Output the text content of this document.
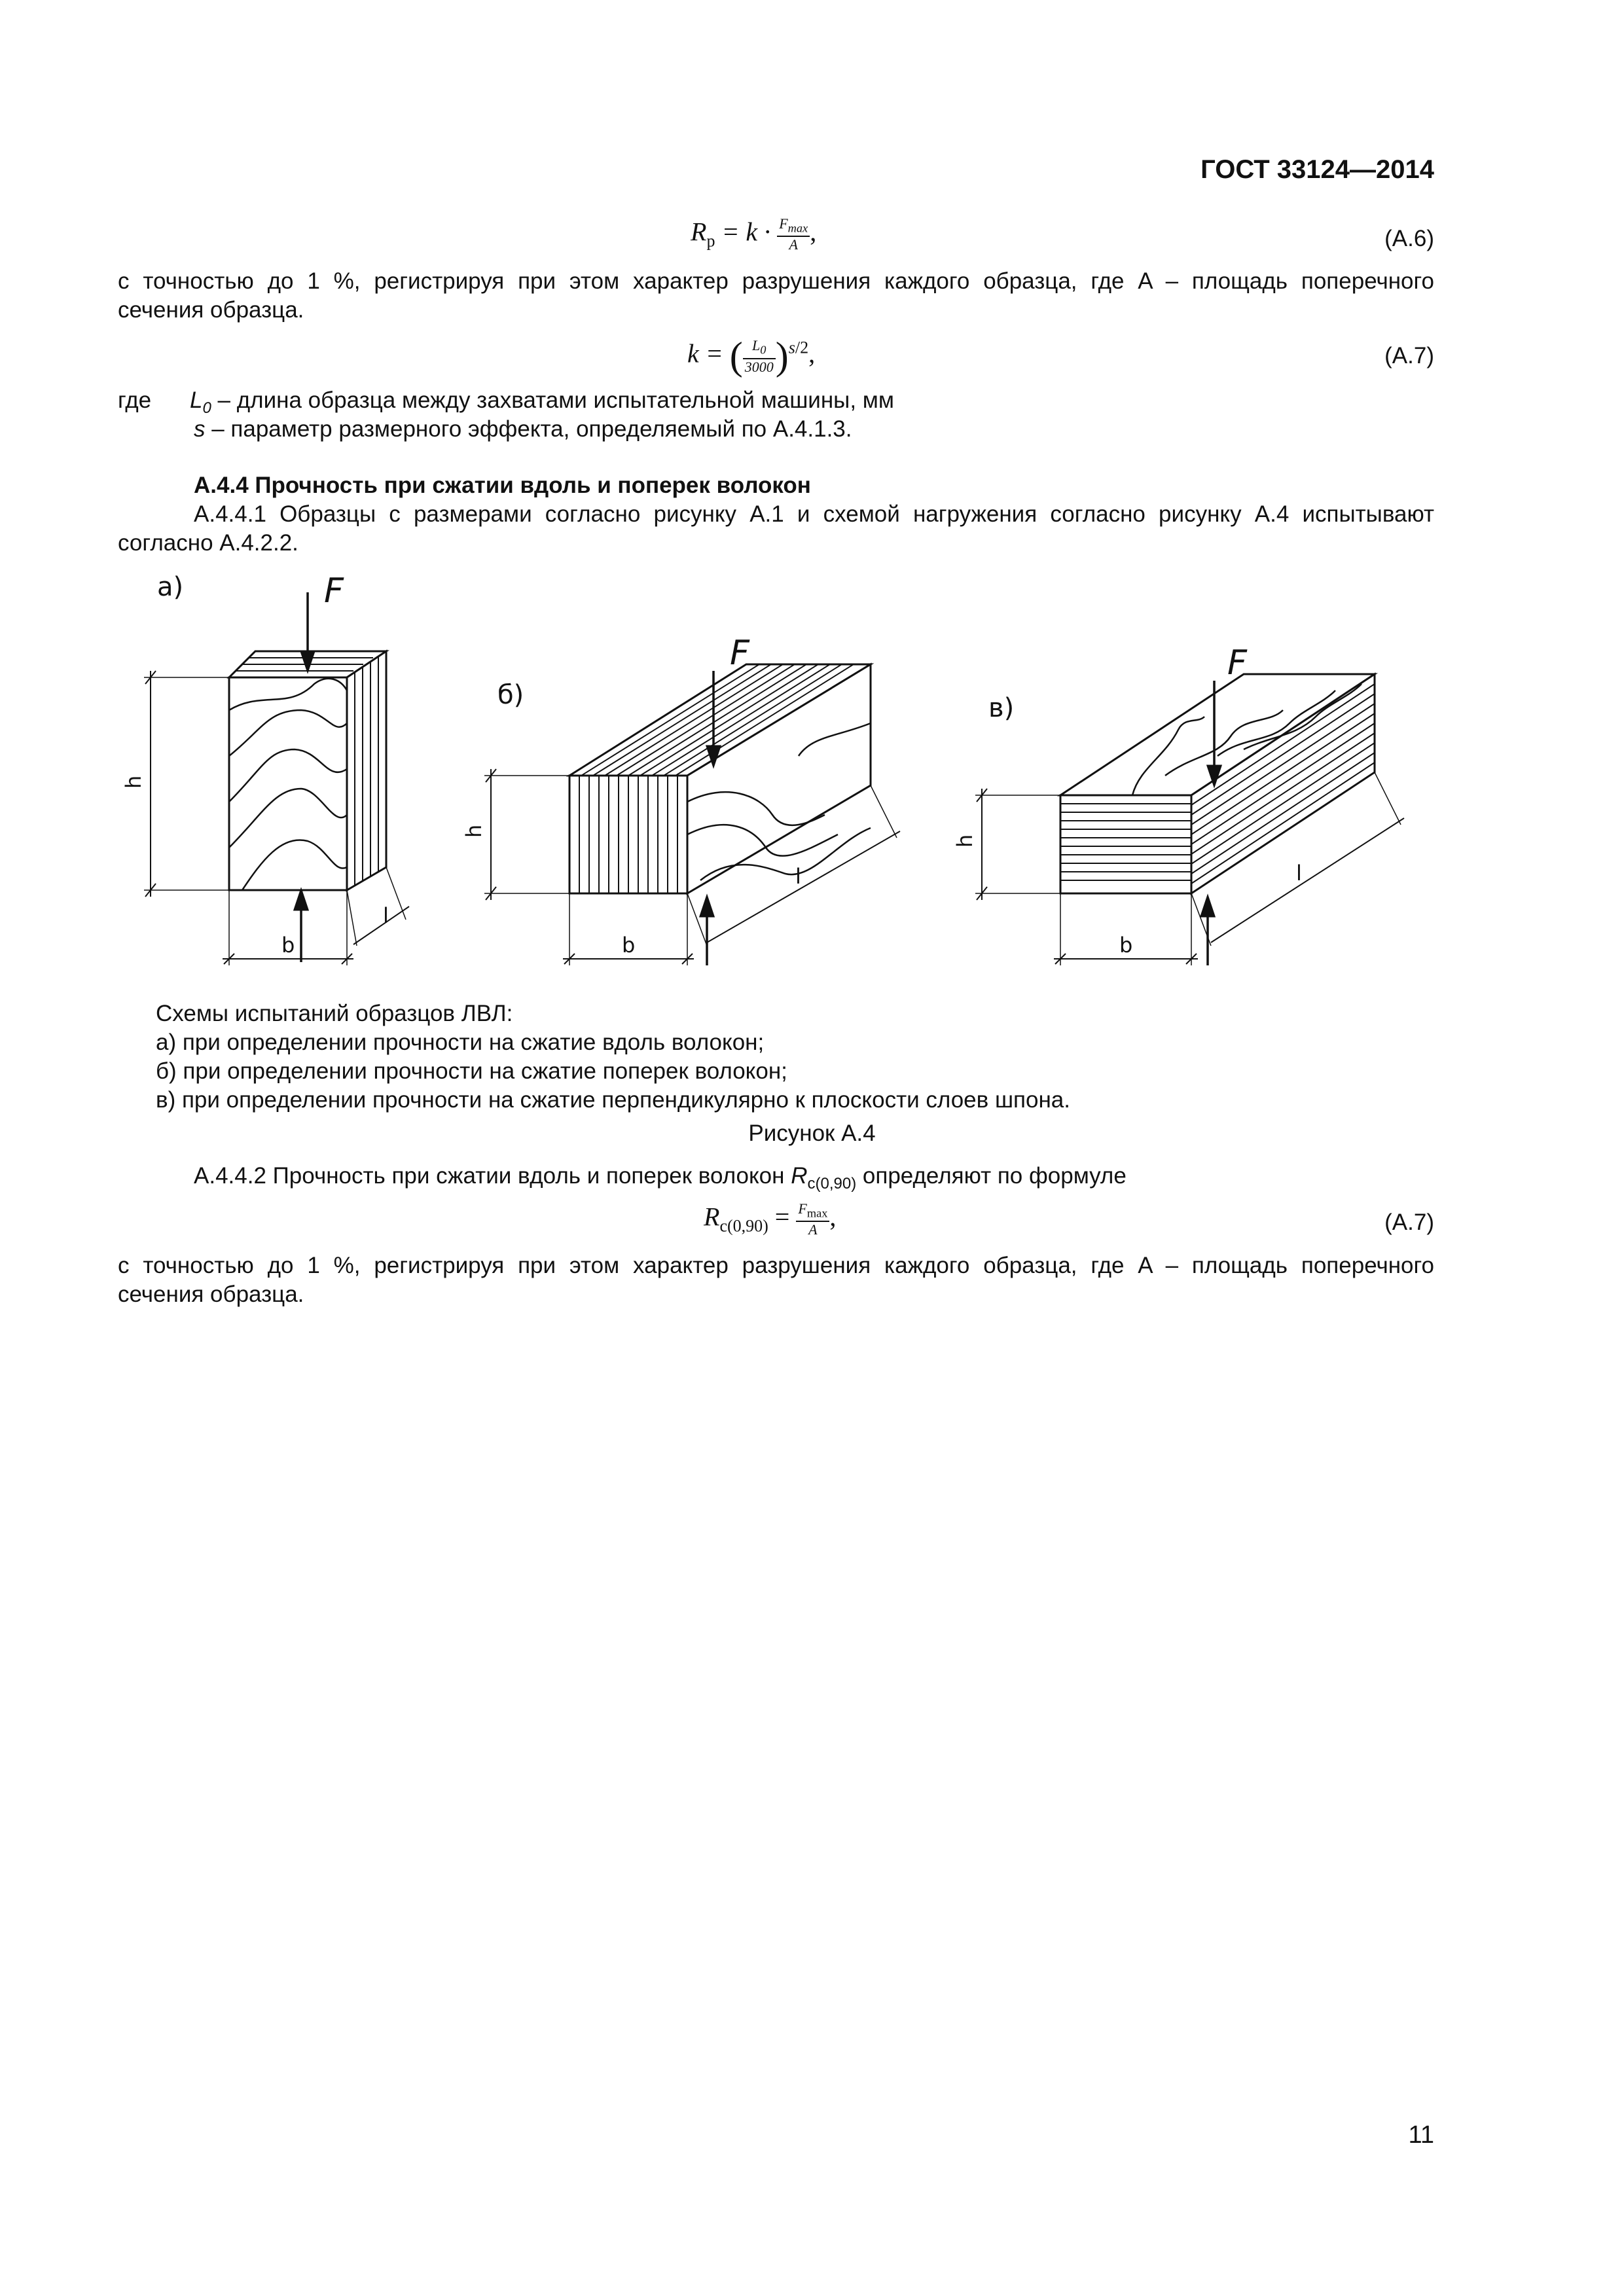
ГОСТ 33124—2014
$R_p = k \cdot \frac{F_{max}}{A}$ ,	(А.6)
с точностью до 1 %, регистрируя при этом характер разрушения каждого образца, где A – площадь поперечного
сечения образца.
k = ( $\frac{L_0}{3000} )^{s/2}$,	(А.7)
где $L_0$ – длина образца между захватами испытательной машины, мм
s – параметр размерного эффекта, определяемый по А.4.1.3.
А.4.4 Прочность при сжатии вдоль и поперек волокон
А.4.4.1 Образцы с размерами согласно рисунку А.1 и схемой нагружения согласно рисунку А.4 испытывают
согласно А.4.2.2.
а)
б)	в)
F
F	F
h
h
h
b	b	b
l
l	l
Схемы испытаний образцов ЛВЛ:
а) при определении прочности на сжатие вдоль волокон;
б) при определении прочности на сжатие поперек волокон;
в) при определении прочности на сжатие перпендикулярно к плоскости слоев шпона.
Рисунок А.4
А.4.4.2 Прочность при сжатии вдоль и поперек волокон $R_{c(0,90)}$ определяют по формуле
$R_{c(0,90)} = \frac{F_{max}}{A}$ ,	(А.7)
с точностью до 1 %, регистрируя при этом характер разрушения каждого образца, где A – площадь поперечного
сечения образца.
11
